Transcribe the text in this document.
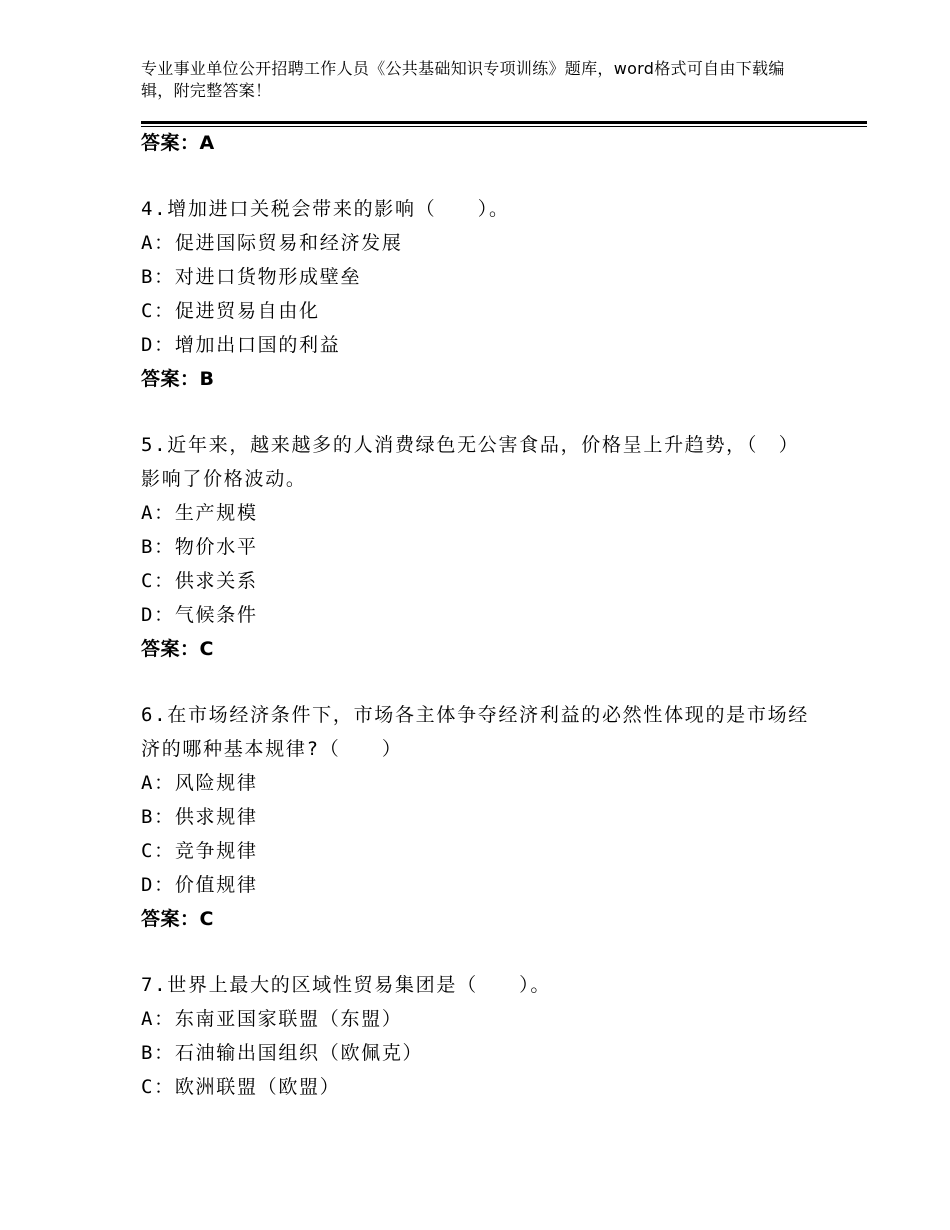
专业事业单位公开招聘工作人员《公共基础知识专项训练》题库，word格式可自由下载编辑，附完整答案！
答案：A
4.增加进口关税会带来的影响（　　）。
A：促进国际贸易和经济发展
B：对进口货物形成壁垒
C：促进贸易自由化
D：增加出口国的利益
答案：B
5.近年来，越来越多的人消费绿色无公害食品，价格呈上升趋势，（　）影响了价格波动。
A：生产规模
B：物价水平
C：供求关系
D：气候条件
答案：C
6.在市场经济条件下，市场各主体争夺经济利益的必然性体现的是市场经济的哪种基本规律?（　　）
A：风险规律
B：供求规律
C：竞争规律
D：价值规律
答案：C
7.世界上最大的区域性贸易集团是（　　）。
A：东南亚国家联盟（东盟）
B：石油输出国组织（欧佩克）
C：欧洲联盟（欧盟）
